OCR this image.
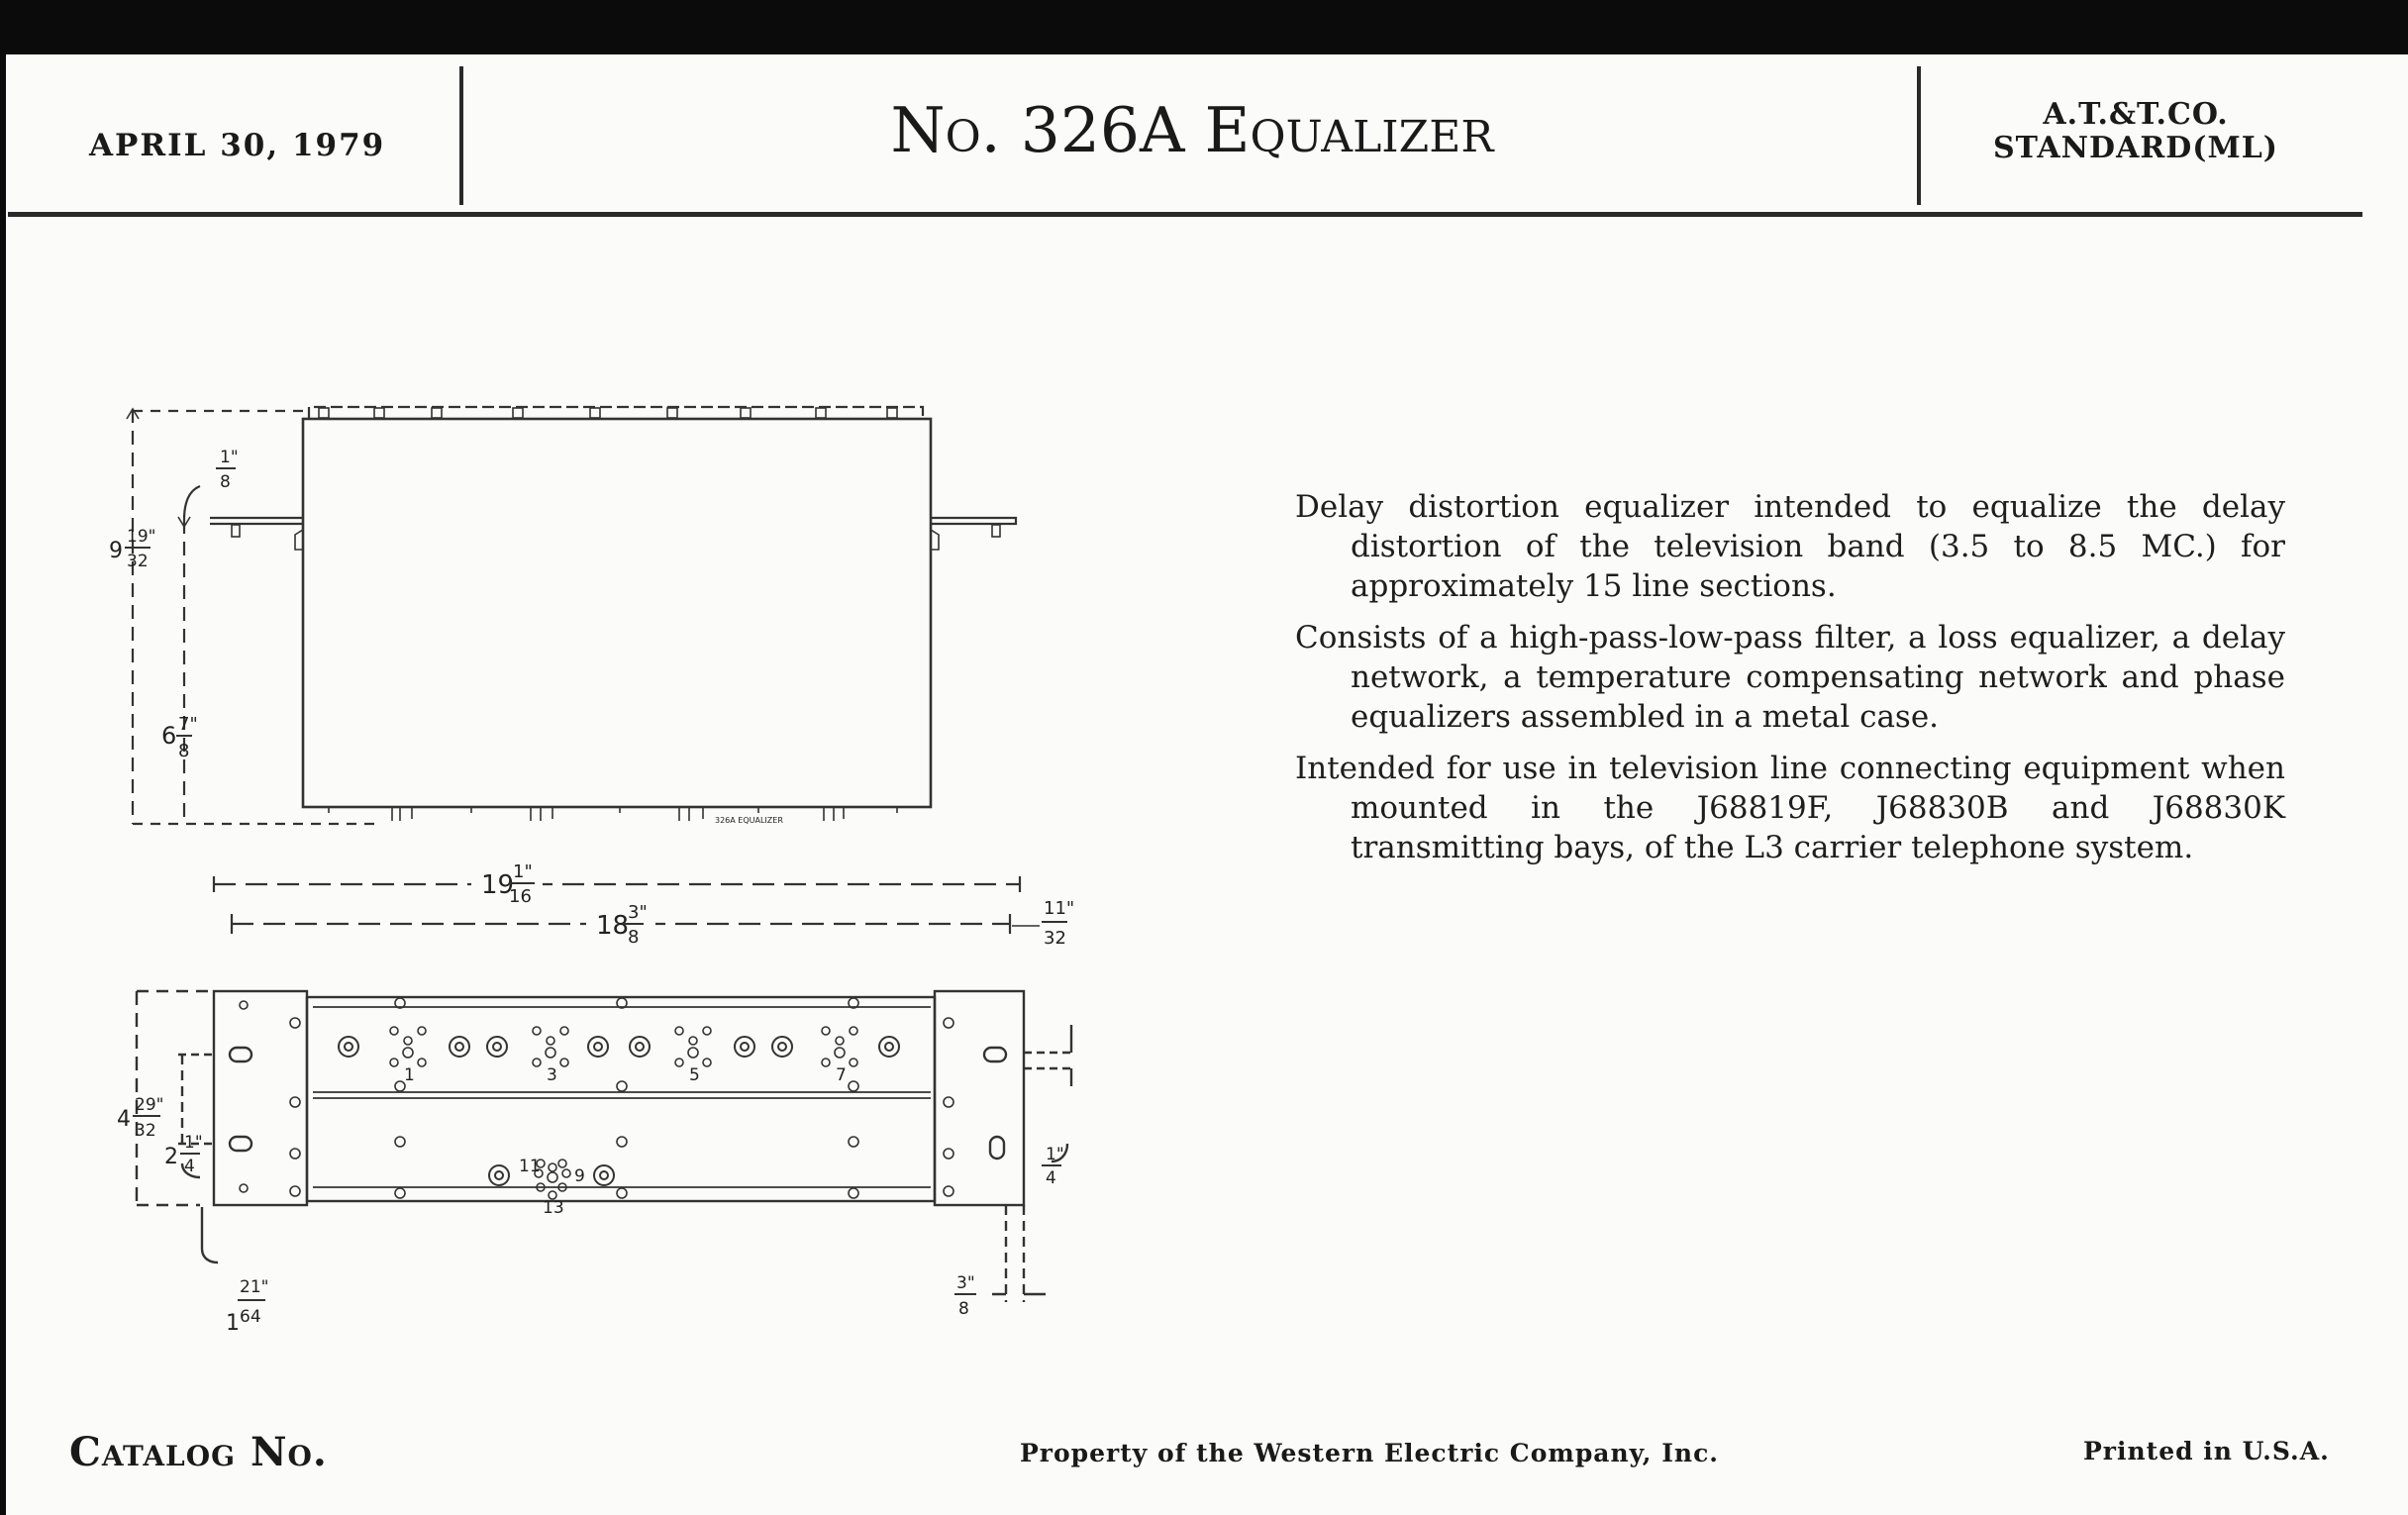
APRIL 30, 1979	No. 326A Equalizer	A.T.&T.CO.
STANDARD(ML)
326A EQUALIZER
9
19"
32
6 7"
8
1"
8
19
1"
16
18
3"
8
11"
32
1	3	5	7
11 9
13
4
29"
32
2
1"
4
1
21"
64
1"
4
3"
8

Delay distortion equalizer intended to equalize the delay distortion of the television band (3.5 to 8.5 MC.) for approximately 15 line sections.

Consists of a high-pass-low-pass filter, a loss equalizer, a delay network, a temperature compensating network and phase equalizers assembled in a metal case.

Intended for use in television line connecting equipment when mounted in the J68819F, J68830B and J68830K transmitting bays, of the L3 carrier telephone system.

Catalog No.	Property of the Western Electric Company, Inc.	Printed in U.S.A.
